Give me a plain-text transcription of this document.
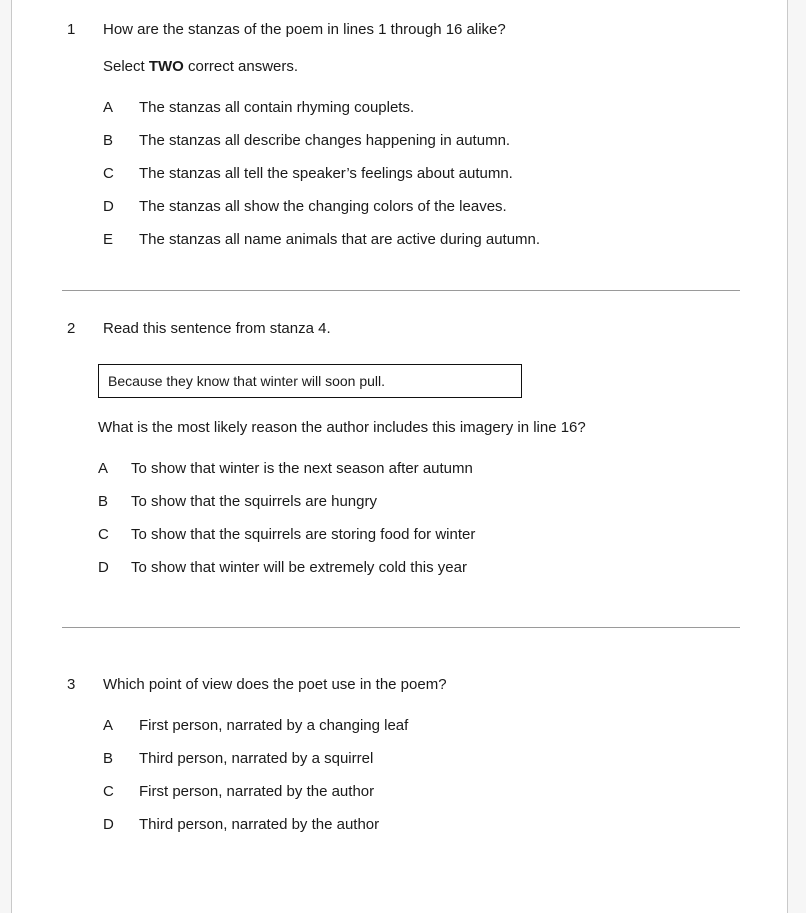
1	How are the stanzas of the poem in lines 1 through 16 alike?
Select TWO correct answers.
A	The stanzas all contain rhyming couplets.
B	The stanzas all describe changes happening in autumn.
C	The stanzas all tell the speaker’s feelings about autumn.
D	The stanzas all show the changing colors of the leaves.
E	The stanzas all name animals that are active during autumn.
2	Read this sentence from stanza 4.
Because they know that winter will soon pull.
What is the most likely reason the author includes this imagery in line 16?
A	To show that winter is the next season after autumn
B	To show that the squirrels are hungry
C	To show that the squirrels are storing food for winter
D	To show that winter will be extremely cold this year
3	Which point of view does the poet use in the poem?
A	First person, narrated by a changing leaf
B	Third person, narrated by a squirrel
C	First person, narrated by the author
D	Third person, narrated by the author
